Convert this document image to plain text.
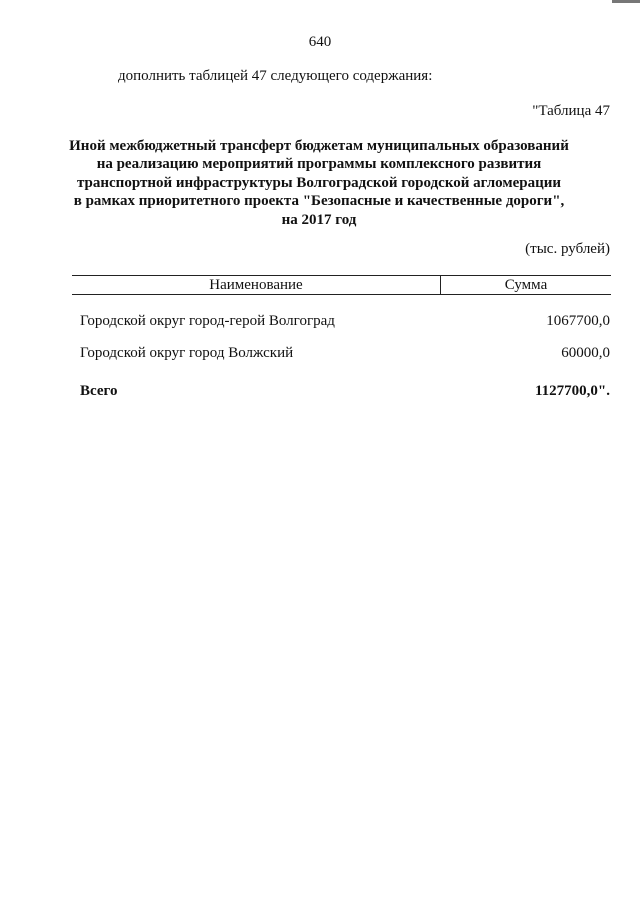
640
дополнить таблицей 47 следующего содержания:
"Таблица 47
Иной межбюджетный трансферт бюджетам муниципальных образований
на реализацию мероприятий программы комплексного развития
транспортной инфраструктуры Волгоградской городской агломерации
в рамках приоритетного проекта "Безопасные и качественные дороги",
на 2017 год
(тыс. рублей)
Наименование	Сумма
Городской округ город-герой Волгоград	1067700,0
Городской округ город Волжский	60000,0
Всего	1127700,0".
